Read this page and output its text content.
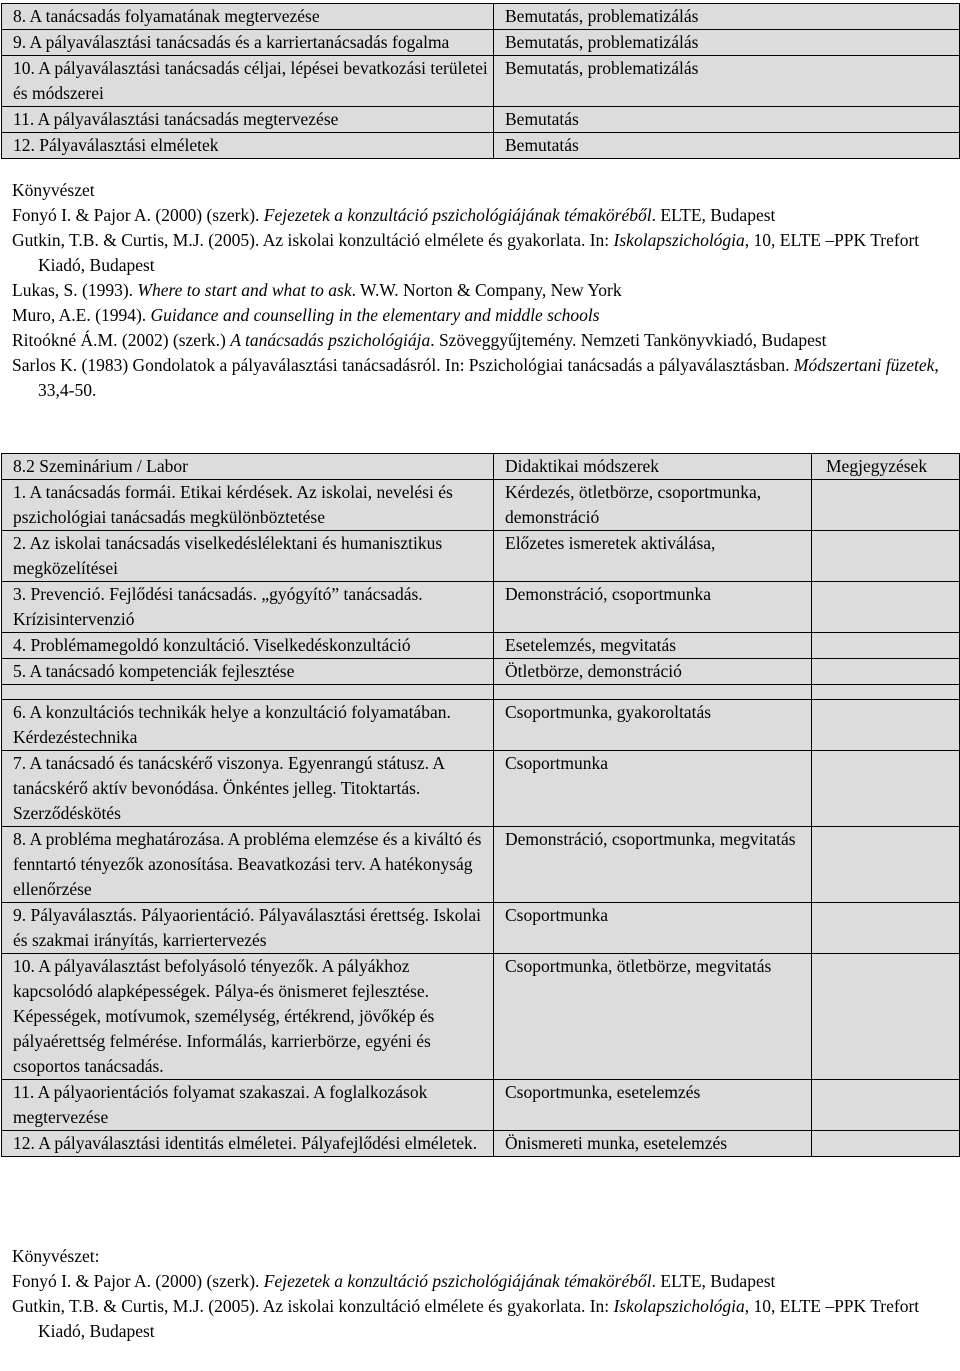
8. A tanácsadás folyamatának megtervezése	Bemutatás, problematizálás
9. A pályaválasztási tanácsadás és a karriertanácsadás fogalma	Bemutatás, problematizálás
10. A pályaválasztási tanácsadás céljai, lépései bevatkozási területei és módszerei	Bemutatás, problematizálás
11. A pályaválasztási tanácsadás megtervezése	Bemutatás
12. Pályaválasztási elméletek	Bemutatás
Könyvészet
Fonyó I. & Pajor A. (2000) (szerk). Fejezetek a konzultáció pszichológiájának témaköréből. ELTE, Budapest
Gutkin, T.B. & Curtis, M.J. (2005). Az iskolai konzultáció elmélete és gyakorlata. In: Iskolapszichológia, 10, ELTE –PPK Trefort Kiadó, Budapest
Lukas, S. (1993). Where to start and what to ask. W.W. Norton & Company, New York
Muro, A.E. (1994). Guidance and counselling in the elementary and middle schools
Ritoókné Á.M. (2002) (szerk.) A tanácsadás pszichológiája. Szöveggyűjtemény. Nemzeti Tankönyvkiadó, Budapest
Sarlos K. (1983) Gondolatok a pályaválasztási tanácsadásról. In: Pszichológiai tanácsadás a pályaválasztásban. Módszertani füzetek, 33,4-50.
8.2 Szeminárium / Labor	Didaktikai módszerek	Megjegyzések
1. A tanácsadás formái. Etikai kérdések. Az iskolai, nevelési és pszichológiai tanácsadás megkülönböztetése	Kérdezés, ötletbörze, csoportmunka, demonstráció	
2. Az iskolai tanácsadás viselkedéslélektani és humanisztikus megközelítései	Előzetes ismeretek aktiválása,	
3. Prevenció. Fejlődési tanácsadás. „gyógyító” tanácsadás. Krízisintervenzió	Demonstráció, csoportmunka	
4. Problémamegoldó konzultáció. Viselkedéskonzultáció	Esetelemzés, megvitatás	
5. A tanácsadó kompetenciák fejlesztése	Ötletbörze, demonstráció	

6. A konzultációs technikák helye a konzultáció folyamatában. Kérdezéstechnika	Csoportmunka, gyakoroltatás	
7. A tanácsadó és tanácskérő viszonya. Egyenrangú státusz. A tanácskérő aktív bevonódása. Önkéntes jelleg. Titoktartás. Szerződéskötés	Csoportmunka	
8. A probléma meghatározása. A probléma elemzése és a kiváltó és fenntartó tényezők azonosítása. Beavatkozási terv. A hatékonyság ellenőrzése	Demonstráció, csoportmunka, megvitatás	
9. Pályaválasztás. Pályaorientáció. Pályaválasztási érettség. Iskolai és szakmai irányítás, karriertervezés	Csoportmunka	
10. A pályaválasztást befolyásoló tényezők. A pályákhoz kapcsolódó alapképességek. Pálya-és önismeret fejlesztése. Képességek, motívumok, személység, értékrend, jövőkép és pályaérettség felmérése. Informálás, karrierbörze, egyéni és csoportos tanácsadás.	Csoportmunka, ötletbörze, megvitatás	
11. A pályaorientációs folyamat szakaszai. A foglalkozások megtervezése	Csoportmunka, esetelemzés	
12. A pályaválasztási identitás elméletei. Pályafejlődési elméletek.	Önismereti munka, esetelemzés	
Könyvészet:
Fonyó I. & Pajor A. (2000) (szerk). Fejezetek a konzultáció pszichológiájának témaköréből. ELTE, Budapest
Gutkin, T.B. & Curtis, M.J. (2005). Az iskolai konzultáció elmélete és gyakorlata. In: Iskolapszichológia, 10, ELTE –PPK Trefort Kiadó, Budapest
